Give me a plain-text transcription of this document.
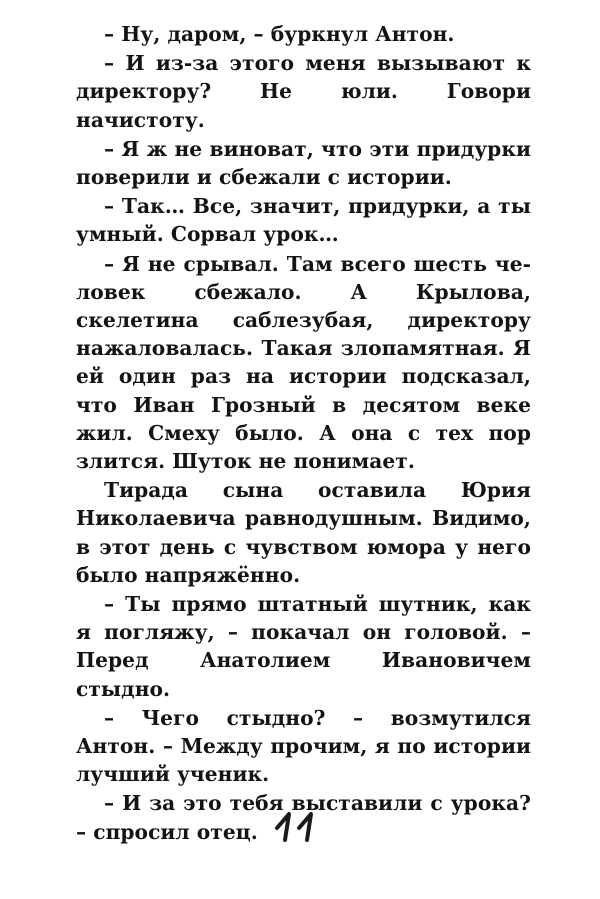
– Ну, даром, – буркнул Антон.

– И из-за этого меня вызывают к директору? Не юли. Говори начистоту.

– Я ж не виноват, что эти придурки поверили и сбежали с истории.

– Так… Все, значит, придурки, а ты умный. Сорвал урок…

– Я не срывал. Там всего шесть человек сбежало. А Крылова, скелетина саблезубая, директору нажаловалась. Такая злопамятная. Я ей один раз на истории подсказал, что Иван Грозный в десятом веке жил. Смеху было. А она с тех пор злится. Шуток не понимает.

Тирада сына оставила Юрия Николаевича равнодушным. Видимо, в этот день с чувством юмора у него было напряжённо.

– Ты прямо штатный шутник, как я погляжу, – покачал он головой. – Перед Анатолием Ивановичем стыдно.

– Чего стыдно? – возмутился Антон. – Между прочим, я по истории лучший ученик.

– И за это тебя выставили с урока? – спросил отец.
